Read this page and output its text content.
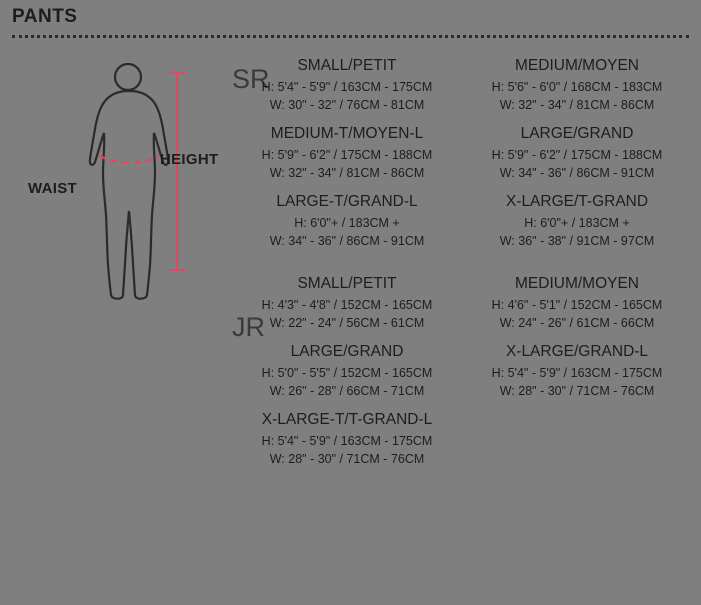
PANTS
WAIST
HEIGHT
SR
JR
SMALL/PETIT
H: 5'4" - 5'9" / 163CM - 175CM
W: 30" - 32" / 76CM - 81CM
MEDIUM/MOYEN
H: 5'6" - 6'0" / 168CM - 183CM
W: 32" - 34" / 81CM - 86CM
MEDIUM-T/MOYEN-L
H: 5'9" - 6'2" / 175CM - 188CM
W: 32" - 34" / 81CM - 86CM
LARGE/GRAND
H: 5'9" - 6'2" / 175CM - 188CM
W: 34" - 36" / 86CM - 91CM
LARGE-T/GRAND-L
H: 6'0"+ / 183CM +
W: 34" - 36" / 86CM - 91CM
X-LARGE/T-GRAND
H: 6'0"+ / 183CM +
W: 36" - 38" / 91CM - 97CM
SMALL/PETIT
H: 4'3" - 4'8" / 152CM - 165CM
W: 22" - 24" / 56CM - 61CM
MEDIUM/MOYEN
H: 4'6" - 5'1" / 152CM - 165CM
W: 24" - 26" / 61CM - 66CM
LARGE/GRAND
H: 5'0" - 5'5" / 152CM - 165CM
W: 26" - 28" / 66CM - 71CM
X-LARGE/GRAND-L
H: 5'4" - 5'9" / 163CM - 175CM
W: 28" - 30" / 71CM - 76CM
X-LARGE-T/T-GRAND-L
H: 5'4" - 5'9" / 163CM - 175CM
W: 28" - 30" / 71CM - 76CM
